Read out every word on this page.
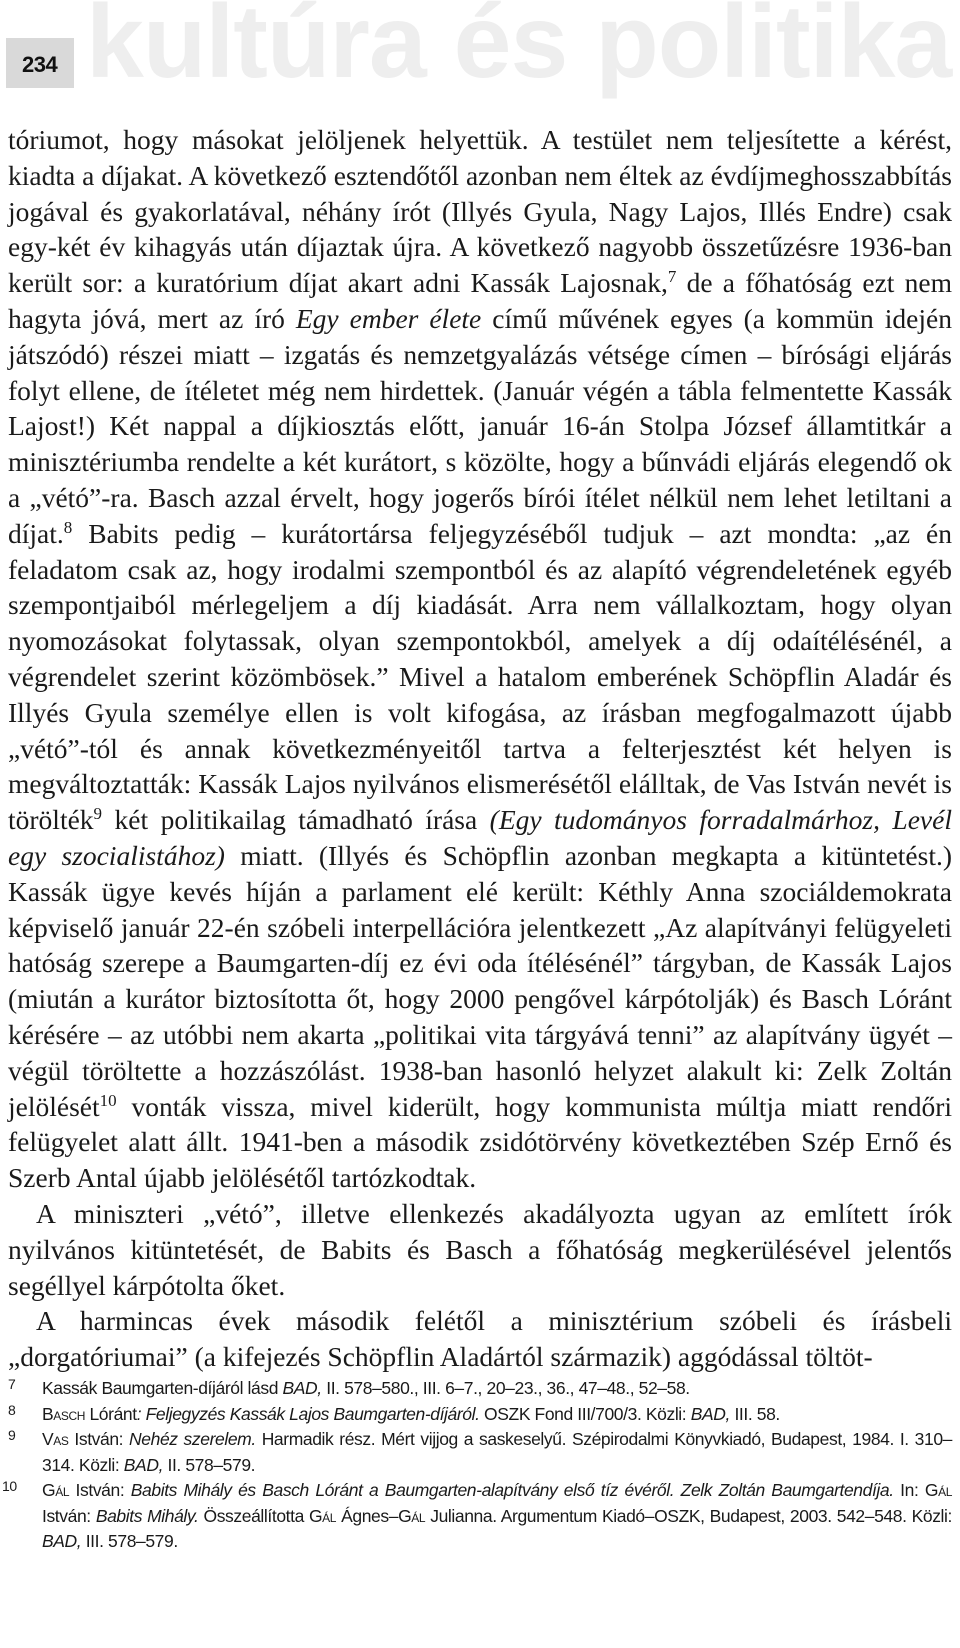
234 kultúra és politika

tóriumot, hogy másokat jelöljenek helyettük. A testület nem teljesítette a kérést, kiadta a díjakat. A következő esztendőtől azonban nem éltek az évdíjmeghosszabbítás jogával és gyakorlatával, néhány írót (Illyés Gyula, Nagy Lajos, Illés Endre) csak egy-két év kihagyás után díjaztak újra. A következő nagyobb összetűzésre 1936-ban került sor: a kuratórium díjat akart adni Kassák Lajosnak,$^7$ de a főhatóság ezt nem hagyta jóvá, mert az író Egy ember élete című művének egyes (a kommün idején játszódó) részei miatt – izgatás és nemzetgyalázás vétsége címen – bírósági eljárás folyt ellene, de ítéletet még nem hirdettek. (Január végén a tábla felmentette Kassák Lajost!) Két nappal a díjkiosztás előtt, január 16-án Stolpa József államtitkár a minisztériumba rendelte a két kurátort, s közölte, hogy a bűnvádi eljárás elegendő ok a „vétó”-ra. Basch azzal érvelt, hogy jogerős bírói ítélet nélkül nem lehet letiltani a díjat.$^8$ Babits pedig – kurátortársa feljegyzéséből tudjuk – azt mondta: „az én feladatom csak az, hogy irodalmi szempontból és az alapító végrendeletének egyéb szempontjaiból mérlegeljem a díj kiadását. Arra nem vállalkoztam, hogy olyan nyomozásokat folytassak, olyan szempontokból, amelyek a díj odaítélésénél, a végrendelet szerint közömbösek.” Mivel a hatalom emberének Schöpflin Aladár és Illyés Gyula személye ellen is volt kifogása, az írásban megfogalmazott újabb „vétó”-tól és annak következményeitől tartva a felterjesztést két helyen is megváltoztatták: Kassák Lajos nyilvános elismerésétől elálltak, de Vas István nevét is törölték$^9$ két politikailag támadható írása (Egy tudományos forradalmárhoz, Levél egy szocialistához) miatt. (Illyés és Schöpflin azonban megkapta a kitüntetést.) Kassák ügye kevés híján a parlament elé került: Kéthly Anna szociáldemokrata képviselő január 22-én szóbeli interpellációra jelentkezett „Az alapítványi felügyeleti hatóság szerepe a Baumgarten-díj ez évi oda ítélésénél” tárgyban, de Kassák Lajos (miután a kurátor biztosította őt, hogy 2000 pengővel kárpótolják) és Basch Lóránt kérésére – az utóbbi nem akarta „politikai vita tárgyává tenni” az alapítvány ügyét – végül töröltette a hozzászólást. 1938-ban hasonló helyzet alakult ki: Zelk Zoltán jelölését$^{10}$ vonták vissza, mivel kiderült, hogy kommunista múltja miatt rendőri felügyelet alatt állt. 1941-ben a második zsidótörvény következtében Szép Ernő és Szerb Antal újabb jelölésétől tartózkodtak.

A miniszteri „vétó”, illetve ellenkezés akadályozta ugyan az említett írók nyilvános kitüntetését, de Babits és Basch a főhatóság megkerülésével jelentős segéllyel kárpótolta őket.

A harmincas évek második felétől a minisztérium szóbeli és írásbeli „dorgatóriumai” (a kifejezés Schöpflin Aladártól származik) aggódással töltöt-

7 Kassák Baumgarten-díjáról lásd BAD, II. 578–580., III. 6–7., 20–23., 36., 47–48., 52–58.
8 Basch Lóránt: Feljegyzés Kassák Lajos Baumgarten-díjáról. OSZK Fond III/700/3. Közli: BAD, III. 58.
9 Vas István: Nehéz szerelem. Harmadik rész. Mért vijjog a saskeselyű. Szépirodalmi Könyvkiadó, Budapest, 1984. I. 310–314. Közli: BAD, II. 578–579.
10 Gál István: Babits Mihály és Basch Lóránt a Baumgarten-alapítvány első tíz évéről. Zelk Zoltán Baumgartendíja. In: Gál István: Babits Mihály. Összeállította Gál Ágnes–Gál Julianna. Argumentum Kiadó–OSZK, Budapest, 2003. 542–548. Közli: BAD, III. 578–579.
